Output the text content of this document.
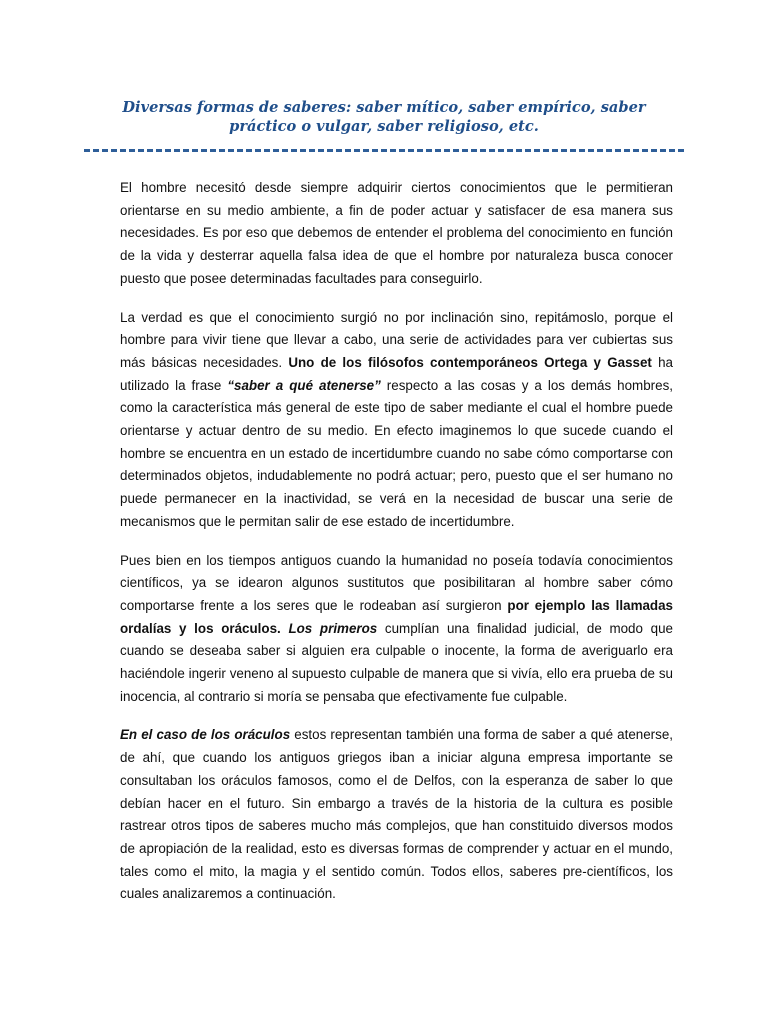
Diversas formas de saberes: saber mítico, saber empírico, saber práctico o vulgar, saber religioso, etc.

El hombre necesitó desde siempre adquirir ciertos conocimientos que le permitieran orientarse en su medio ambiente, a fin de poder actuar y satisfacer de esa manera sus necesidades. Es por eso que debemos de entender el problema del conocimiento en función de la vida y desterrar aquella falsa idea de que el hombre por naturaleza busca conocer puesto que posee determinadas facultades para conseguirlo.

La verdad es que el conocimiento surgió no por inclinación sino, repitámoslo, porque el hombre para vivir tiene que llevar a cabo, una serie de actividades para ver cubiertas sus más básicas necesidades. Uno de los filósofos contemporáneos Ortega y Gasset ha utilizado la frase “saber a qué atenerse” respecto a las cosas y a los demás hombres, como la característica más general de este tipo de saber mediante el cual el hombre puede orientarse y actuar dentro de su medio. En efecto imaginemos lo que sucede cuando el hombre se encuentra en un estado de incertidumbre cuando no sabe cómo comportarse con determinados objetos, indudablemente no podrá actuar; pero, puesto que el ser humano no puede permanecer en la inactividad, se verá en la necesidad de buscar una serie de mecanismos que le permitan salir de ese estado de incertidumbre.

Pues bien en los tiempos antiguos cuando la humanidad no poseía todavía conocimientos científicos, ya se idearon algunos sustitutos que posibilitaran al hombre saber cómo comportarse frente a los seres que le rodeaban así surgieron por ejemplo las llamadas ordalías y los oráculos. Los primeros cumplían una finalidad judicial, de modo que cuando se deseaba saber si alguien era culpable o inocente, la forma de averiguarlo era haciéndole ingerir veneno al supuesto culpable de manera que si vivía, ello era prueba de su inocencia, al contrario si moría se pensaba que efectivamente fue culpable.

En el caso de los oráculos estos representan también una forma de saber a qué atenerse, de ahí, que cuando los antiguos griegos iban a iniciar alguna empresa importante se consultaban los oráculos famosos, como el de Delfos, con la esperanza de saber lo que debían hacer en el futuro. Sin embargo a través de la historia de la cultura es posible rastrear otros tipos de saberes mucho más complejos, que han constituido diversos modos de apropiación de la realidad, esto es diversas formas de comprender y actuar en el mundo, tales como el mito, la magia y el sentido común. Todos ellos, saberes pre-científicos, los cuales analizaremos a continuación.
